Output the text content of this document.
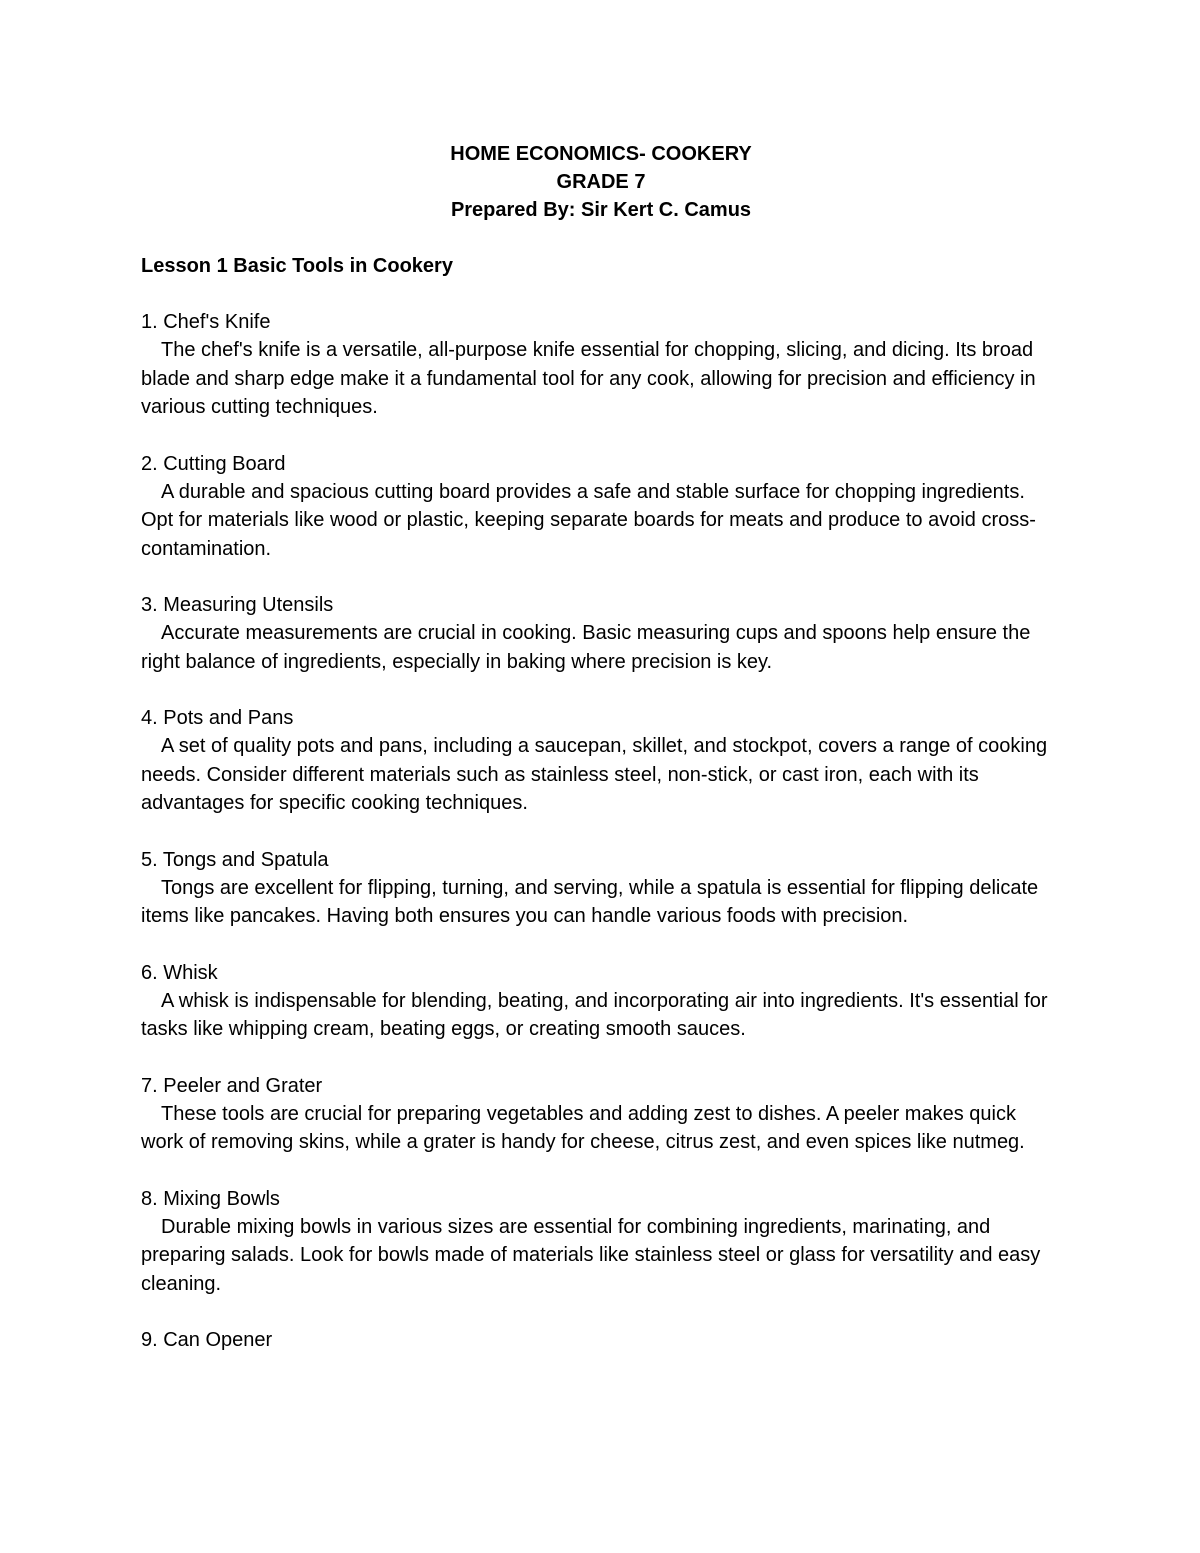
HOME ECONOMICS- COOKERY
GRADE 7
Prepared By: Sir Kert C. Camus
Lesson 1 Basic Tools in Cookery
1. Chef's Knife
The chef's knife is a versatile, all-purpose knife essential for chopping, slicing, and dicing. Its broad blade and sharp edge make it a fundamental tool for any cook, allowing for precision and efficiency in various cutting techniques.
2. Cutting Board
A durable and spacious cutting board provides a safe and stable surface for chopping ingredients. Opt for materials like wood or plastic, keeping separate boards for meats and produce to avoid cross-contamination.
3. Measuring Utensils
Accurate measurements are crucial in cooking. Basic measuring cups and spoons help ensure the right balance of ingredients, especially in baking where precision is key.
4. Pots and Pans
A set of quality pots and pans, including a saucepan, skillet, and stockpot, covers a range of cooking needs. Consider different materials such as stainless steel, non-stick, or cast iron, each with its advantages for specific cooking techniques.
5. Tongs and Spatula
Tongs are excellent for flipping, turning, and serving, while a spatula is essential for flipping delicate items like pancakes. Having both ensures you can handle various foods with precision.
6. Whisk
A whisk is indispensable for blending, beating, and incorporating air into ingredients. It's essential for tasks like whipping cream, beating eggs, or creating smooth sauces.
7. Peeler and Grater
These tools are crucial for preparing vegetables and adding zest to dishes. A peeler makes quick work of removing skins, while a grater is handy for cheese, citrus zest, and even spices like nutmeg.
8. Mixing Bowls
Durable mixing bowls in various sizes are essential for combining ingredients, marinating, and preparing salads. Look for bowls made of materials like stainless steel or glass for versatility and easy cleaning.
9. Can Opener
